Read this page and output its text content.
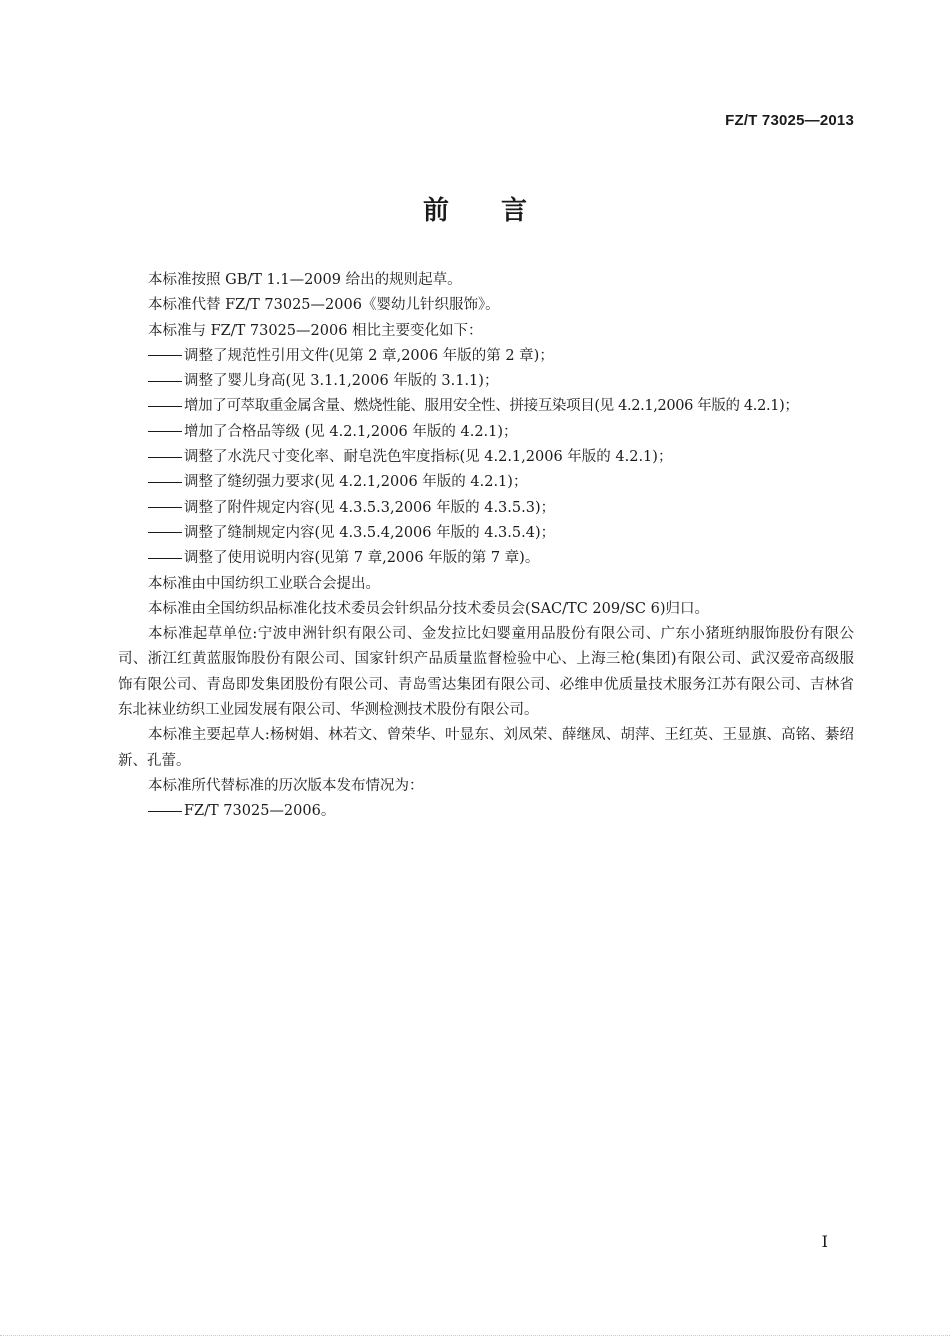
FZ/T 73025—2013
前言

本标准按照 GB/T 1.1—2009 给出的规则起草。

本标准代替 FZ/T 73025—2006《婴幼儿针织服饰》。

本标准与 FZ/T 73025—2006 相比主要变化如下：

调整了规范性引用文件(见第 2 章,2006 年版的第 2 章)；

调整了婴儿身高(见 3.1.1,2006 年版的 3.1.1)；

增加了可萃取重金属含量、燃烧性能、服用安全性、拼接互染项目(见 4.2.1,2006 年版的 4.2.1)；

增加了合格品等级 (见 4.2.1,2006 年版的 4.2.1)；

调整了水洗尺寸变化率、耐皂洗色牢度指标(见 4.2.1,2006 年版的 4.2.1)；

调整了缝纫强力要求(见 4.2.1,2006 年版的 4.2.1)；

调整了附件规定内容(见 4.3.5.3,2006 年版的 4.3.5.3)；

调整了缝制规定内容(见 4.3.5.4,2006 年版的 4.3.5.4)；

调整了使用说明内容(见第 7 章,2006 年版的第 7 章)。

本标准由中国纺织工业联合会提出。

本标准由全国纺织品标准化技术委员会针织品分技术委员会(SAC/TC 209/SC 6)归口。

本标准起草单位:宁波申洲针织有限公司、金发拉比妇婴童用品股份有限公司、广东小猪班纳服饰股份有限公司、浙江红黄蓝服饰股份有限公司、国家针织产品质量监督检验中心、上海三枪(集团)有限公司、武汉爱帝高级服饰有限公司、青岛即发集团股份有限公司、青岛雪达集团有限公司、必维申优质量技术服务江苏有限公司、吉林省东北袜业纺织工业园发展有限公司、华测检测技术股份有限公司。

本标准主要起草人:杨树娟、林若文、曾荣华、叶显东、刘凤荣、薛继凤、胡萍、王红英、王显旗、高铭、綦绍新、孔蕾。

本标准所代替标准的历次版本发布情况为：

FZ/T 73025—2006。

I
